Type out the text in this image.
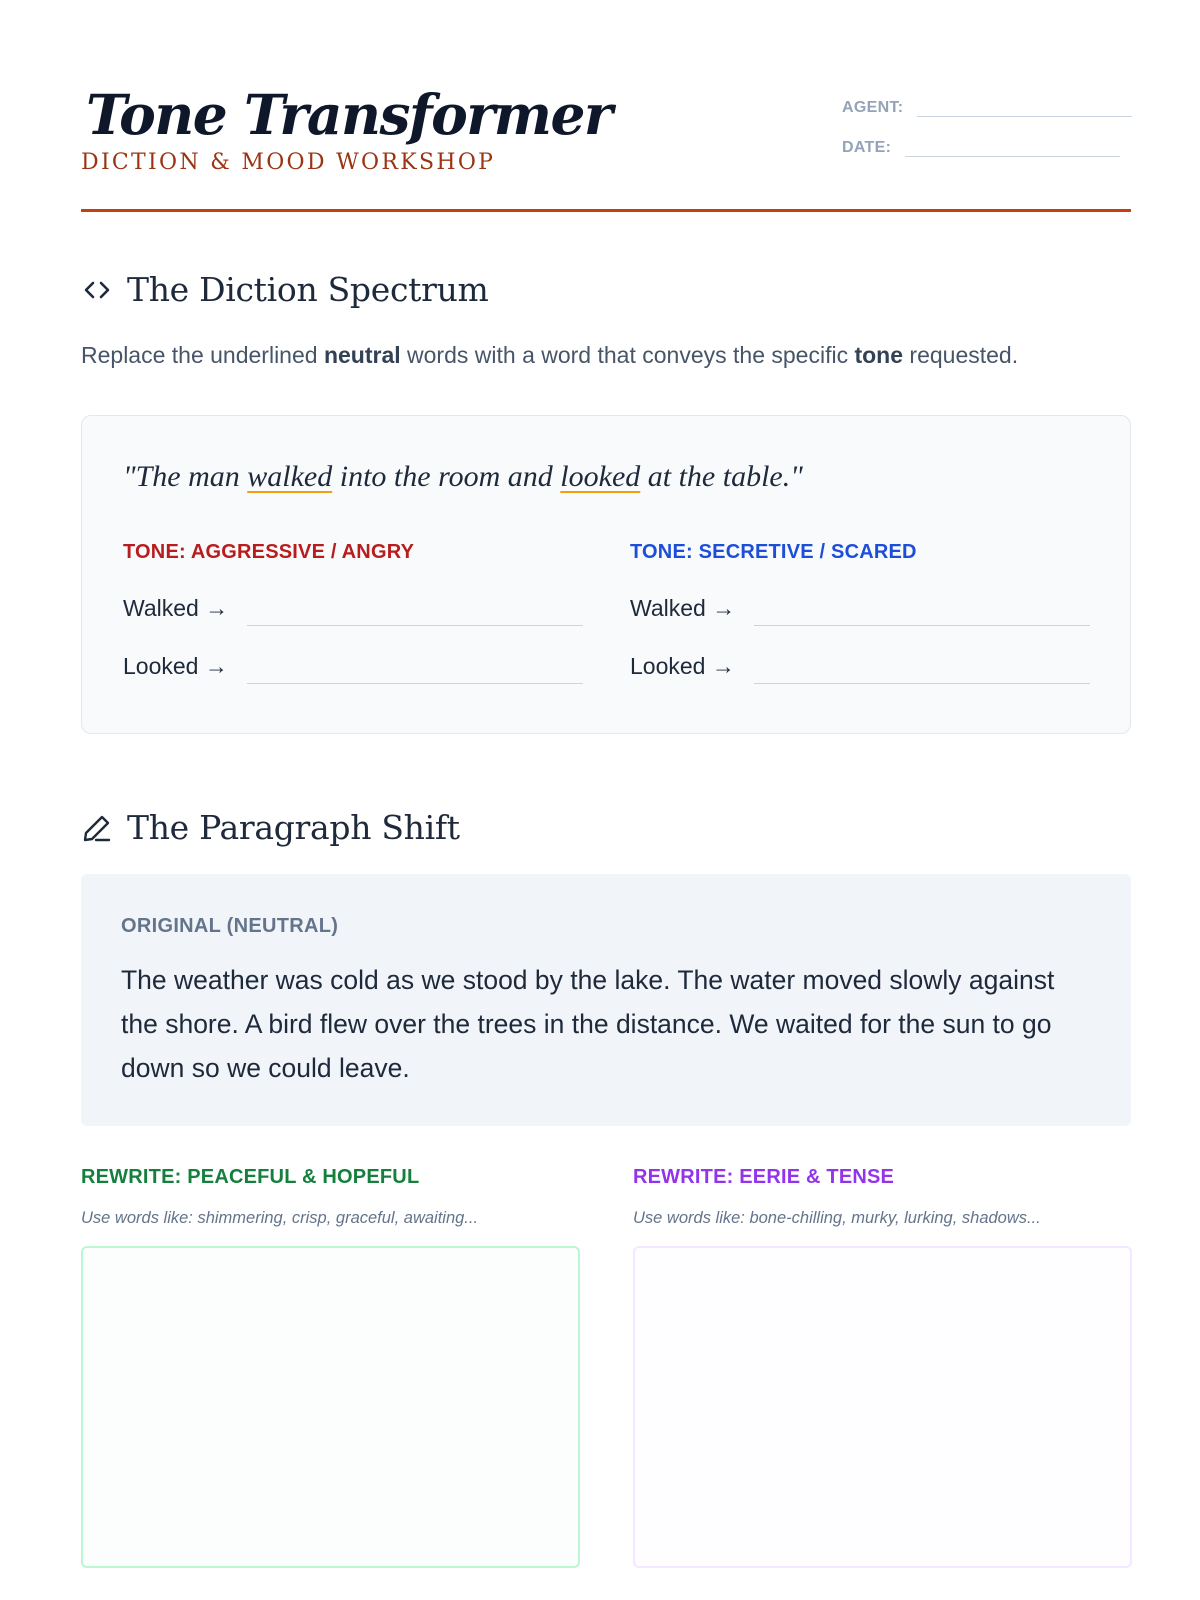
Tone Transformer
DICTION & MOOD WORKSHOP
AGENT:
DATE:
The Diction Spectrum
Replace the underlined neutral words with a word that conveys the specific tone requested.
"The man walked into the room and looked at the table."
TONE: AGGRESSIVE / ANGRY
Walked →
Looked →
TONE: SECRETIVE / SCARED
Walked →
Looked →
The Paragraph Shift
ORIGINAL (NEUTRAL)
The weather was cold as we stood by the lake. The water moved slowly against the shore. A bird flew over the trees in the distance. We waited for the sun to go down so we could leave.
REWRITE: PEACEFUL & HOPEFUL
Use words like: shimmering, crisp, graceful, awaiting...
REWRITE: EERIE & TENSE
Use words like: bone-chilling, murky, lurking, shadows...
